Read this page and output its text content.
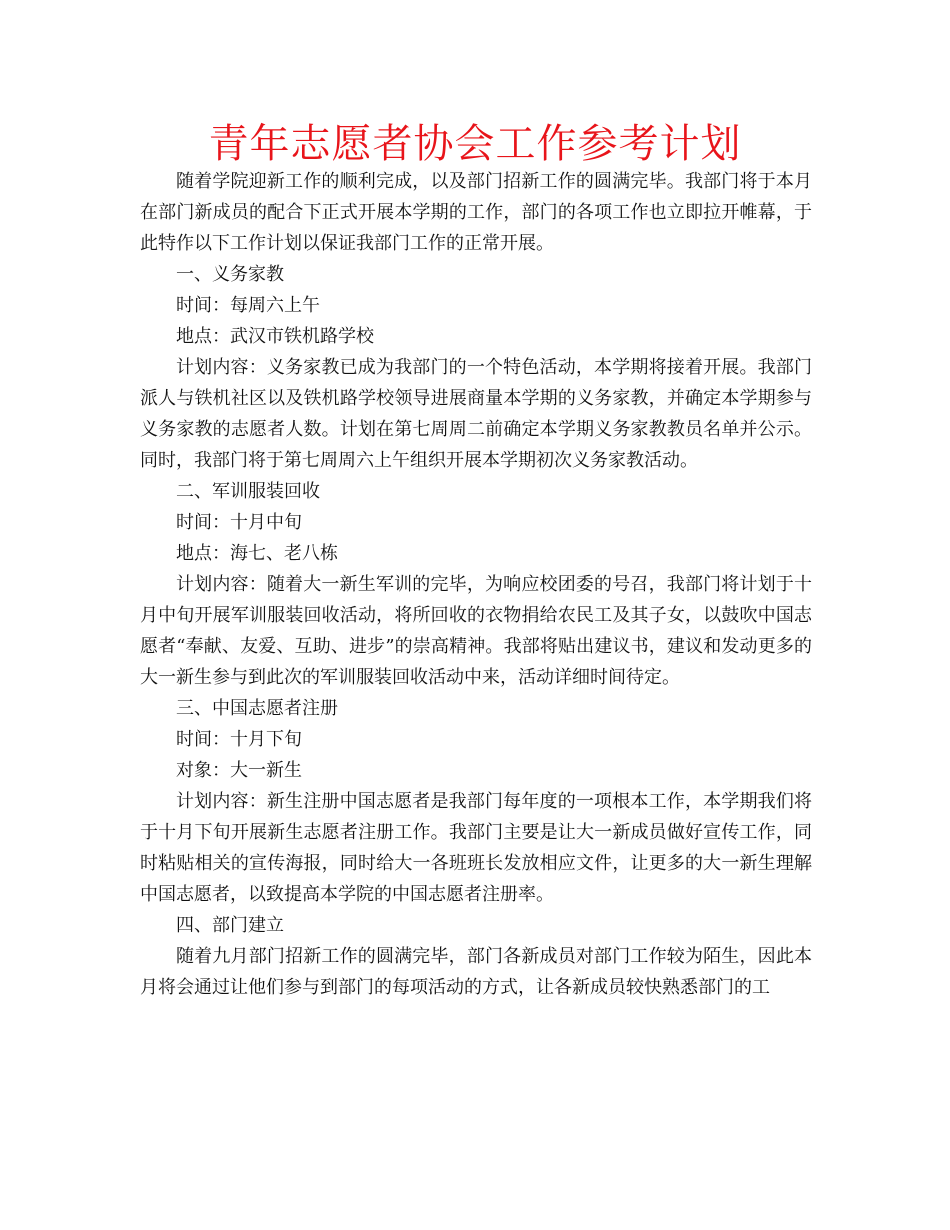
青年志愿者协会工作参考计划

随着学院迎新工作的顺利完成，以及部门招新工作的圆满完毕。我部门将于本月在部门新成员的配合下正式开展本学期的工作，部门的各项工作也立即拉开帷幕，于此特作以下工作计划以保证我部门工作的正常开展。

一、义务家教

时间：每周六上午

地点：武汉市铁机路学校

计划内容：义务家教已成为我部门的一个特色活动，本学期将接着开展。我部门派人与铁机社区以及铁机路学校领导进展商量本学期的义务家教，并确定本学期参与义务家教的志愿者人数。计划在第七周周二前确定本学期义务家教教员名单并公示。同时，我部门将于第七周周六上午组织开展本学期初次义务家教活动。

二、军训服装回收

时间：十月中旬

地点：海七、老八栋

计划内容：随着大一新生军训的完毕，为响应校团委的号召，我部门将计划于十月中旬开展军训服装回收活动，将所回收的衣物捐给农民工及其子女，以鼓吹中国志愿者“奉献、友爱、互助、进步”的崇高精神。我部将贴出建议书，建议和发动更多的大一新生参与到此次的军训服装回收活动中来，活动详细时间待定。

三、中国志愿者注册

时间：十月下旬

对象：大一新生

计划内容：新生注册中国志愿者是我部门每年度的一项根本工作，本学期我们将于十月下旬开展新生志愿者注册工作。我部门主要是让大一新成员做好宣传工作，同时粘贴相关的宣传海报，同时给大一各班班长发放相应文件，让更多的大一新生理解中国志愿者，以致提高本学院的中国志愿者注册率。

四、部门建立

随着九月部门招新工作的圆满完毕，部门各新成员对部门工作较为陌生，因此本月将会通过让他们参与到部门的每项活动的方式，让各新成员较快熟悉部门的工
